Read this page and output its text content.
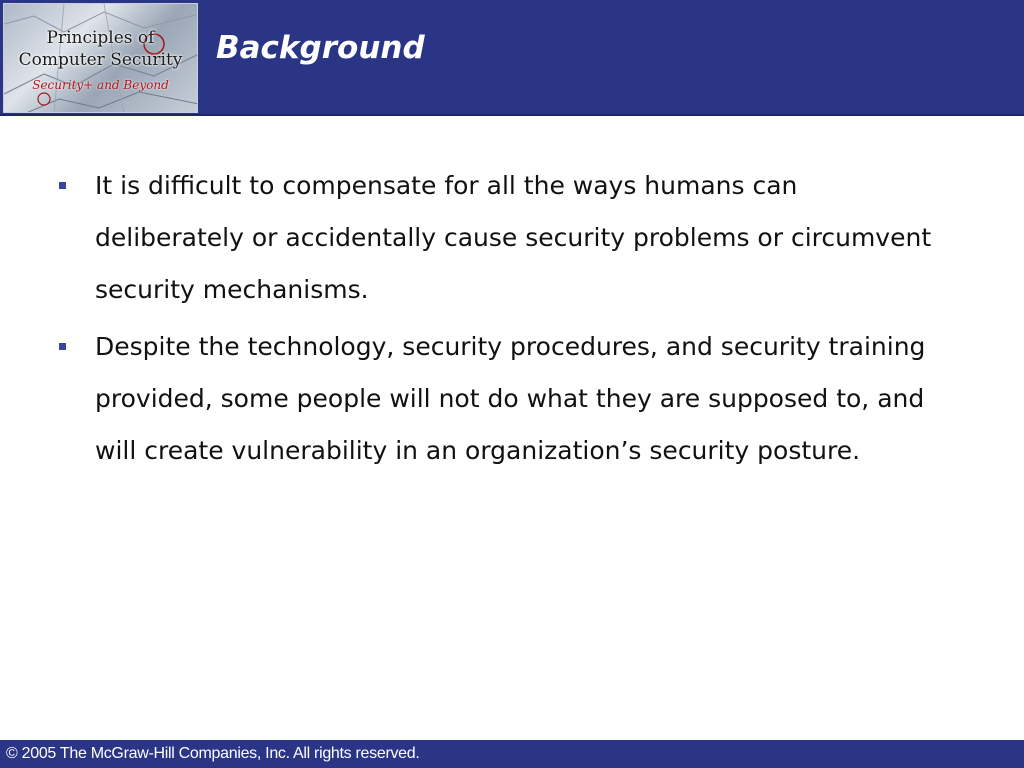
Principles of
Computer Security
Security+ and Beyond
Background
It is difficult to compensate for all the ways humans can deliberately or accidentally cause security problems or circumvent security mechanisms.
Despite the technology, security procedures, and security training provided, some people will not do what they are supposed to, and will create vulnerability in an organization’s security posture.
© 2005 The McGraw-Hill Companies, Inc. All rights reserved.
